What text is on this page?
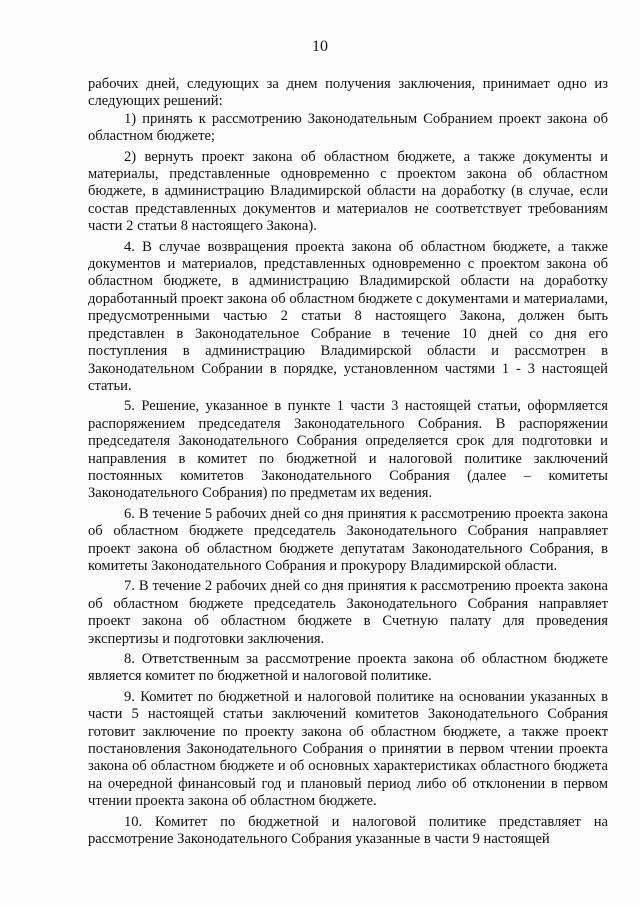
10

рабочих дней, следующих за днем получения заключения, принимает одно из следующих решений:

1) принять к рассмотрению Законодательным Собранием проект закона об областном бюджете;

2) вернуть проект закона об областном бюджете, а также документы и материалы, представленные одновременно с проектом закона об областном бюджете, в администрацию Владимирской области на доработку (в случае, если состав представленных документов и материалов не соответствует требованиям части 2 статьи 8 настоящего Закона).

4. В случае возвращения проекта закона об областном бюджете, а также документов и материалов, представленных одновременно с проектом закона об областном бюджете, в администрацию Владимирской области на доработку доработанный проект закона об областном бюджете с документами и материалами, предусмотренными частью 2 статьи 8 настоящего Закона, должен быть представлен в Законодательное Собрание в течение 10 дней со дня его поступления в администрацию Владимирской области и рассмотрен в Законодательном Собрании в порядке, установленном частями 1 - 3 настоящей статьи.

5. Решение, указанное в пункте 1 части 3 настоящей статьи, оформляется распоряжением председателя Законодательного Собрания. В распоряжении председателя Законодательного Собрания определяется срок для подготовки и направления в комитет по бюджетной и налоговой политике заключений постоянных комитетов Законодательного Собрания (далее – комитеты Законодательного Собрания) по предметам их ведения.

6. В течение 5 рабочих дней со дня принятия к рассмотрению проекта закона об областном бюджете председатель Законодательного Собрания направляет проект закона об областном бюджете депутатам Законодательного Собрания, в комитеты Законодательного Собрания и прокурору Владимирской области.

7. В течение 2 рабочих дней со дня принятия к рассмотрению проекта закона об областном бюджете председатель Законодательного Собрания направляет проект закона об областном бюджете в Счетную палату для проведения экспертизы и подготовки заключения.

8. Ответственным за рассмотрение проекта закона об областном бюджете является комитет по бюджетной и налоговой политике.

9. Комитет по бюджетной и налоговой политике на основании указанных в части 5 настоящей статьи заключений комитетов Законодательного Собрания готовит заключение по проекту закона об областном бюджете, а также проект постановления Законодательного Собрания о принятии в первом чтении проекта закона об областном бюджете и об основных характеристиках областного бюджета на очередной финансовый год и плановый период либо об отклонении в первом чтении проекта закона об областном бюджете.

10. Комитет по бюджетной и налоговой политике представляет на рассмотрение Законодательного Собрания указанные в части 9 настоящей
